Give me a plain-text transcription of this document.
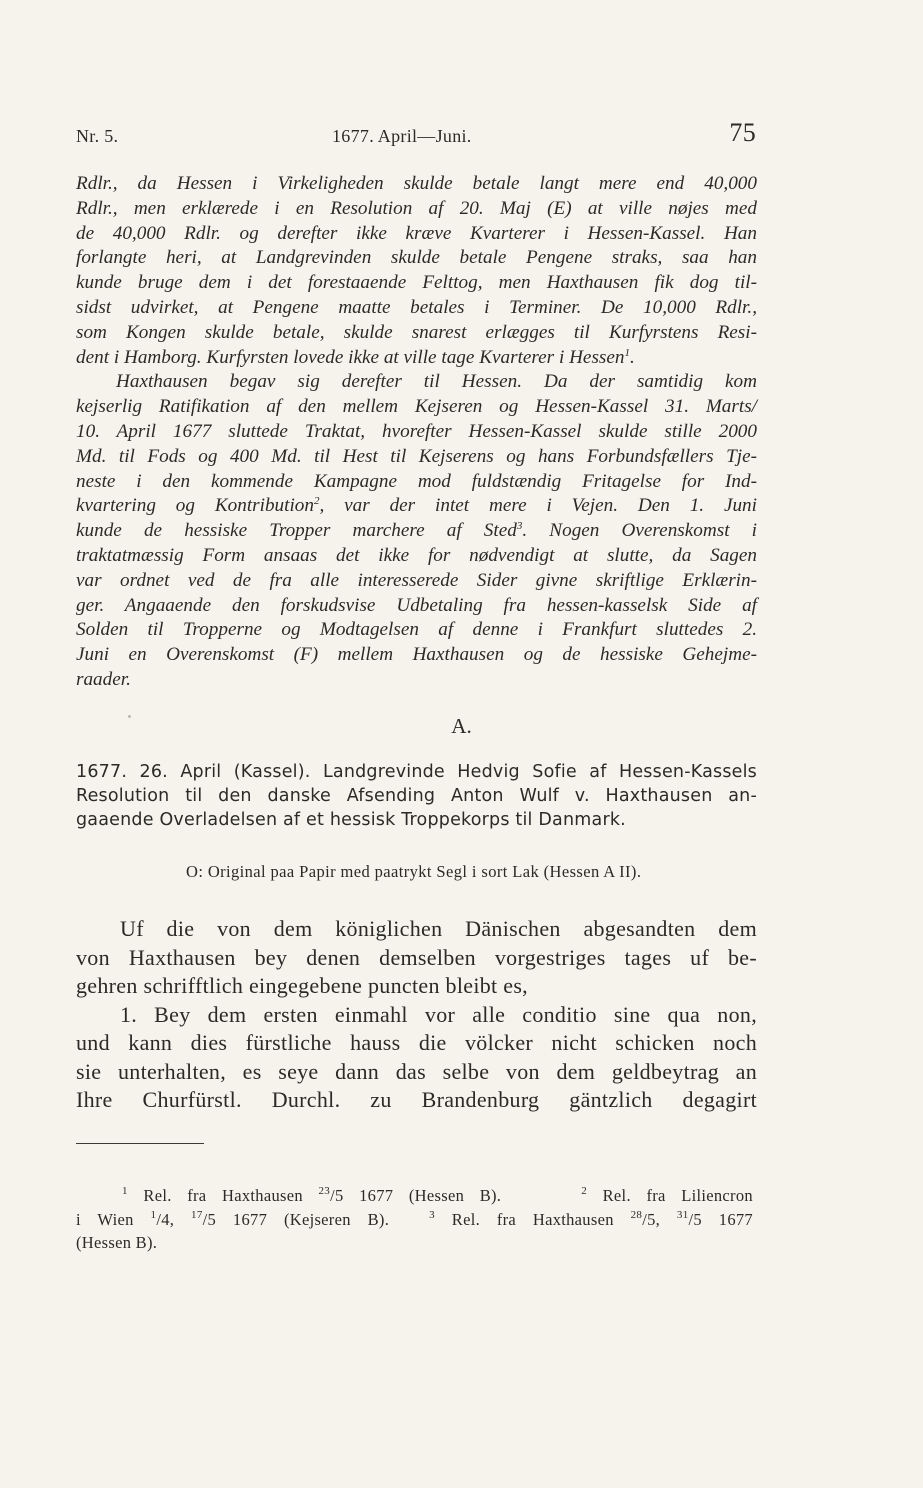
Nr. 5.	1677. April—Juni.	75
Rdlr., da Hessen i Virkeligheden skulde betale langt mere end 40,000
Rdlr., men erklærede i en Resolution af 20. Maj (E) at ville nøjes med
de 40,000 Rdlr. og derefter ikke kræve Kvarterer i Hessen-Kassel. Han
forlangte heri, at Landgrevinden skulde betale Pengene straks, saa han
kunde bruge dem i det forestaaende Felttog, men Haxthausen fik dog til-
sidst udvirket, at Pengene maatte betales i Terminer. De 10,000 Rdlr.,
som Kongen skulde betale, skulde snarest erlægges til Kurfyrstens Resi-
dent i Hamborg. Kurfyrsten lovede ikke at ville tage Kvarterer i Hessen$^1$.
Haxthausen begav sig derefter til Hessen. Da der samtidig kom
kejserlig Ratifikation af den mellem Kejseren og Hessen-Kassel 31. Marts/
10. April 1677 sluttede Traktat, hvorefter Hessen-Kassel skulde stille 2000
Md. til Fods og 400 Md. til Hest til Kejserens og hans Forbundsfællers Tje-
neste i den kommende Kampagne mod fuldstændig Fritagelse for Ind-
kvartering og Kontribution$^2$, var der intet mere i Vejen. Den 1. Juni
kunde de hessiske Tropper marchere af Sted$^3$. Nogen Overenskomst i
traktatmæssig Form ansaas det ikke for nødvendigt at slutte, da Sagen
var ordnet ved de fra alle interesserede Sider givne skriftlige Erklærin-
ger. Angaaende den forskudsvise Udbetaling fra hessen-kasselsk Side af
Solden til Tropperne og Modtagelsen af denne i Frankfurt sluttedes 2.
Juni en Overenskomst (F) mellem Haxthausen og de hessiske Gehejme-
raader.
A.
1677. 26. April (Kassel). Landgrevinde Hedvig Sofie af Hessen-Kassels
Resolution til den danske Afsending Anton Wulf v. Haxthausen an-
gaaende Overladelsen af et hessisk Troppekorps til Danmark.
O: Original paa Papir med paatrykt Segl i sort Lak (Hessen A II).
Uf die von dem königlichen Dänischen abgesandten dem
von Haxthausen bey denen demselben vorgestriges tages uf be-
gehren schrifftlich eingegebene puncten bleibt es,
1. Bey dem ersten einmahl vor alle conditio sine qua non,
und kann dies fürstliche hauss die völcker nicht schicken noch
sie unterhalten, es seye dann das selbe von dem geldbeytrag an
Ihre Churfürstl. Durchl. zu Brandenburg gäntzlich degagirt
$^1$ Rel. fra Haxthausen $^{23}$/5 1677 (Hessen B).	$^2$ Rel. fra Liliencron
i Wien $^1$/4, $^{17}$/5 1677 (Kejseren B).	$^3$ Rel. fra Haxthausen $^{28}$/5, $^{31}$/5 1677
(Hessen B).
